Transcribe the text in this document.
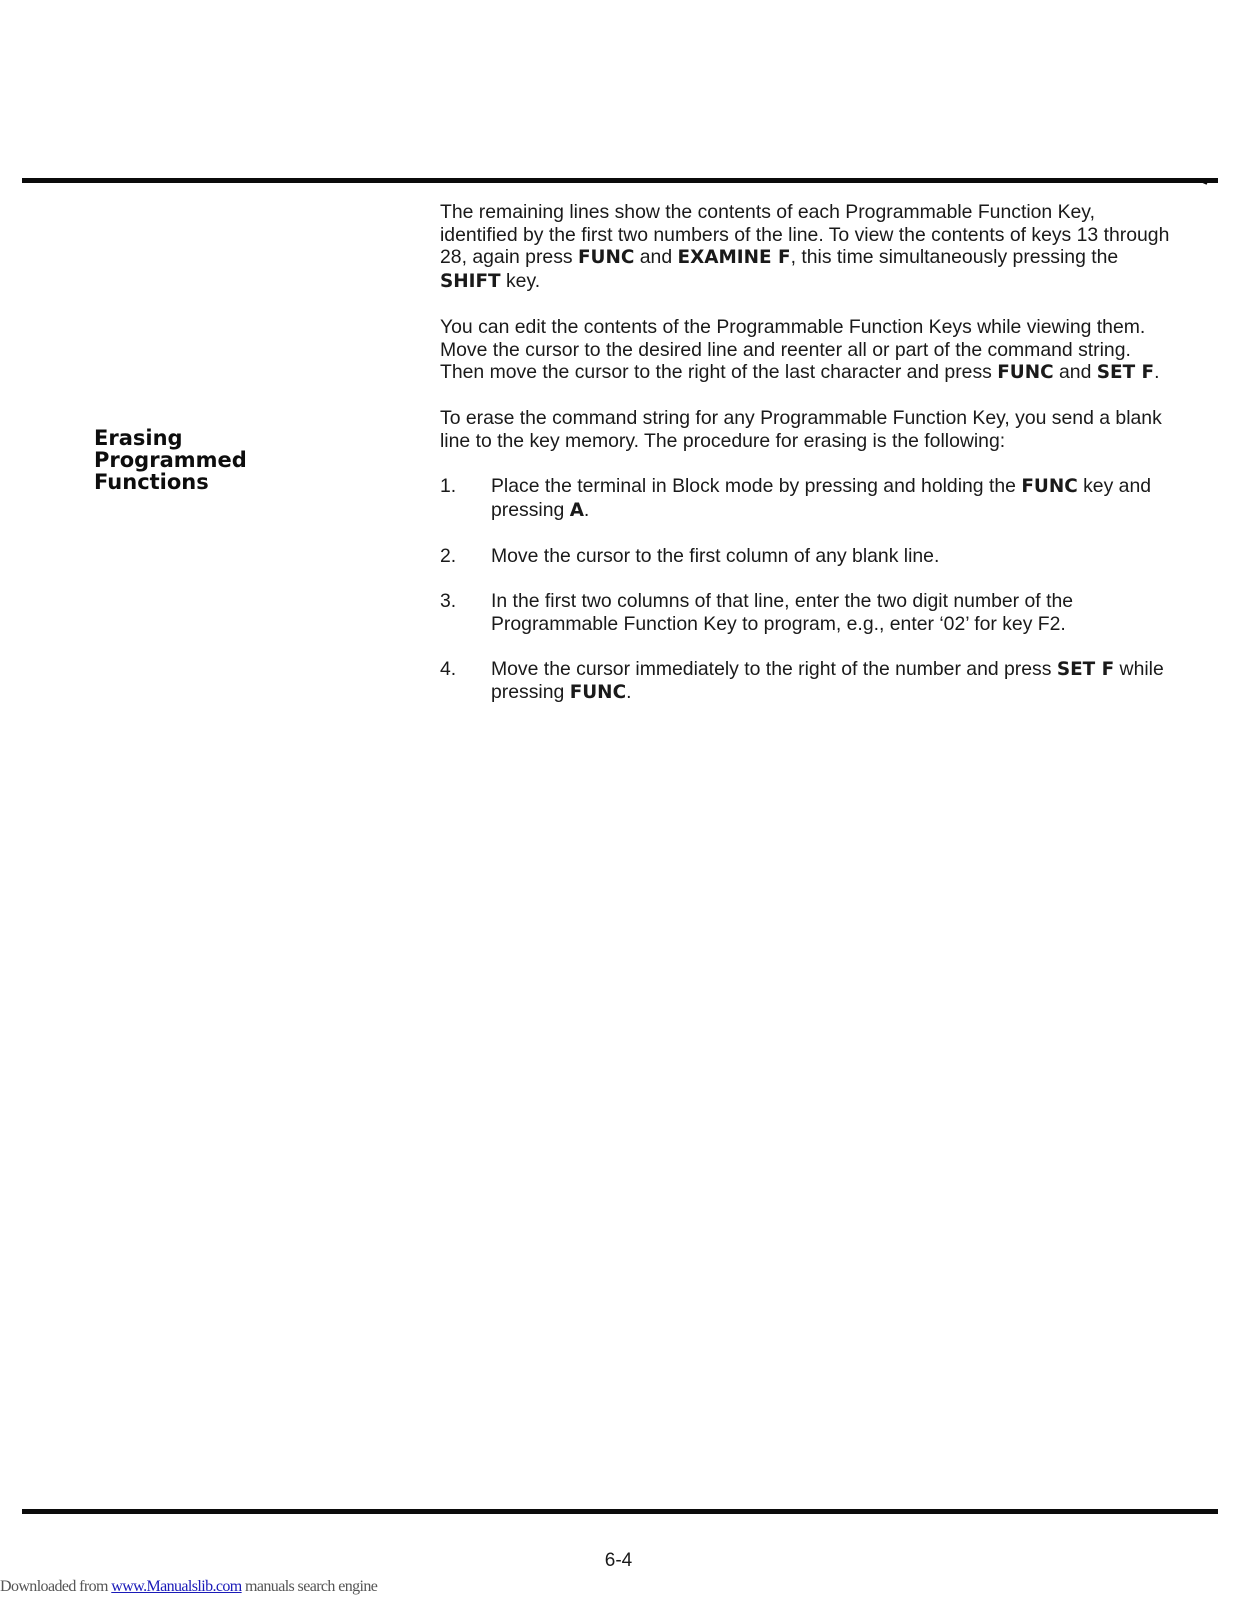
Erasing
Programmed
Functions

The remaining lines show the contents of each Programmable Function Key, identified by the first two numbers of the line. To view the contents of keys 13 through 28, again press FUNC and EXAMINE F, this time simultaneously pressing the SHIFT key.

You can edit the contents of the Programmable Function Keys while viewing them. Move the cursor to the desired line and reenter all or part of the command string. Then move the cursor to the right of the last character and press FUNC and SET F.

To erase the command string for any Programmable Function Key, you send a blank line to the key memory. The procedure for erasing is the following:

1.	Place the terminal in Block mode by pressing and holding the FUNC key and pressing A.
2.	Move the cursor to the first column of any blank line.
3.	In the first two columns of that line, enter the two digit number of the Programmable Function Key to program, e.g., enter ‘02’ for key F2.
4.	Move the cursor immediately to the right of the number and press SET F while pressing FUNC.
6-4
Downloaded from www.Manualslib.com manuals search engine
